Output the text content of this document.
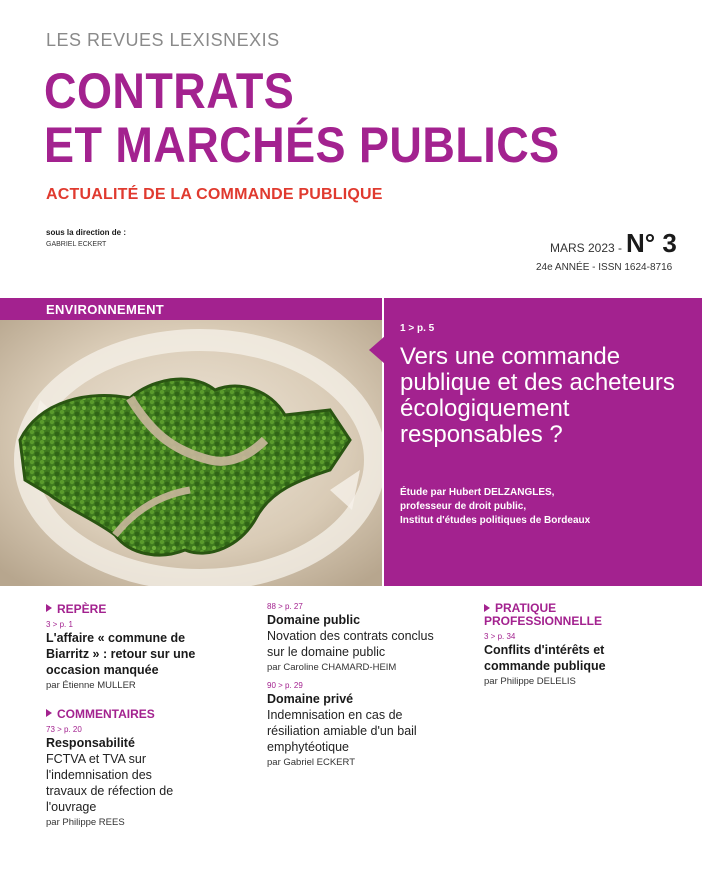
LES REVUES LEXISNEXIS
CONTRATS
ET MARCHÉS PUBLICS
ACTUALITÉ DE LA COMMANDE PUBLIQUE
sous la direction de :
GABRIEL ECKERT	MARS 2023 - N° 3
24e ANNÉE - ISSN 1624-8716
ENVIRONNEMENT
1 > p. 5
Vers une commande publique et des acheteurs écologiquement responsables ?
Étude par Hubert DELZANGLES,
professeur de droit public,
Institut d'études politiques de Bordeaux
REPÈRE
3 > p. 1
L'affaire « commune de Biarritz » : retour sur une occasion manquée
par Étienne MULLER
COMMENTAIRES
73 > p. 20
Responsabilité
FCTVA et TVA sur l'indemnisation des travaux de réfection de l'ouvrage
par Philippe REES
88 > p. 27
Domaine public
Novation des contrats conclus sur le domaine public
par Caroline CHAMARD-HEIM
90 > p. 29
Domaine privé
Indemnisation en cas de résiliation amiable d'un bail emphytéotique
par Gabriel ECKERT
PRATIQUE
PROFESSIONNELLE
3 > p. 34
Conflits d'intérêts et commande publique
par Philippe DELELIS
